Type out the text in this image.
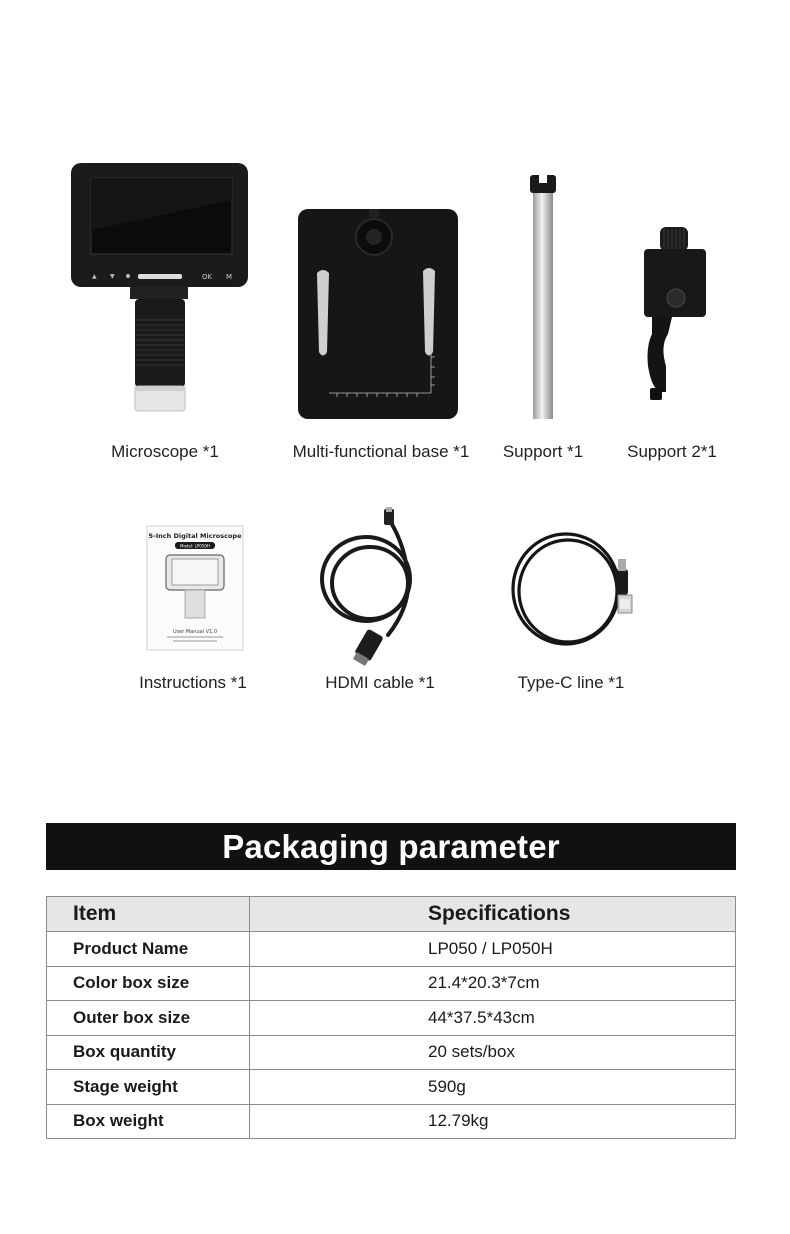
▲ ▼	OK M
Microscope *1	Multi-functional base *1 Support *1	Support 2*1
5-Inch Digital Microscope
Model: LP050H
User Manual V1.0
Instructions *1	HDMI cable *1	Type-C line *1
Packaging parameter
Item	Specifications
Product Name	LP050 / LP050H
Color box size	21.4*20.3*7cm
Outer box size	44*37.5*43cm
Box quantity	20 sets/box
Stage weight	590g
Box weight	12.79kg
